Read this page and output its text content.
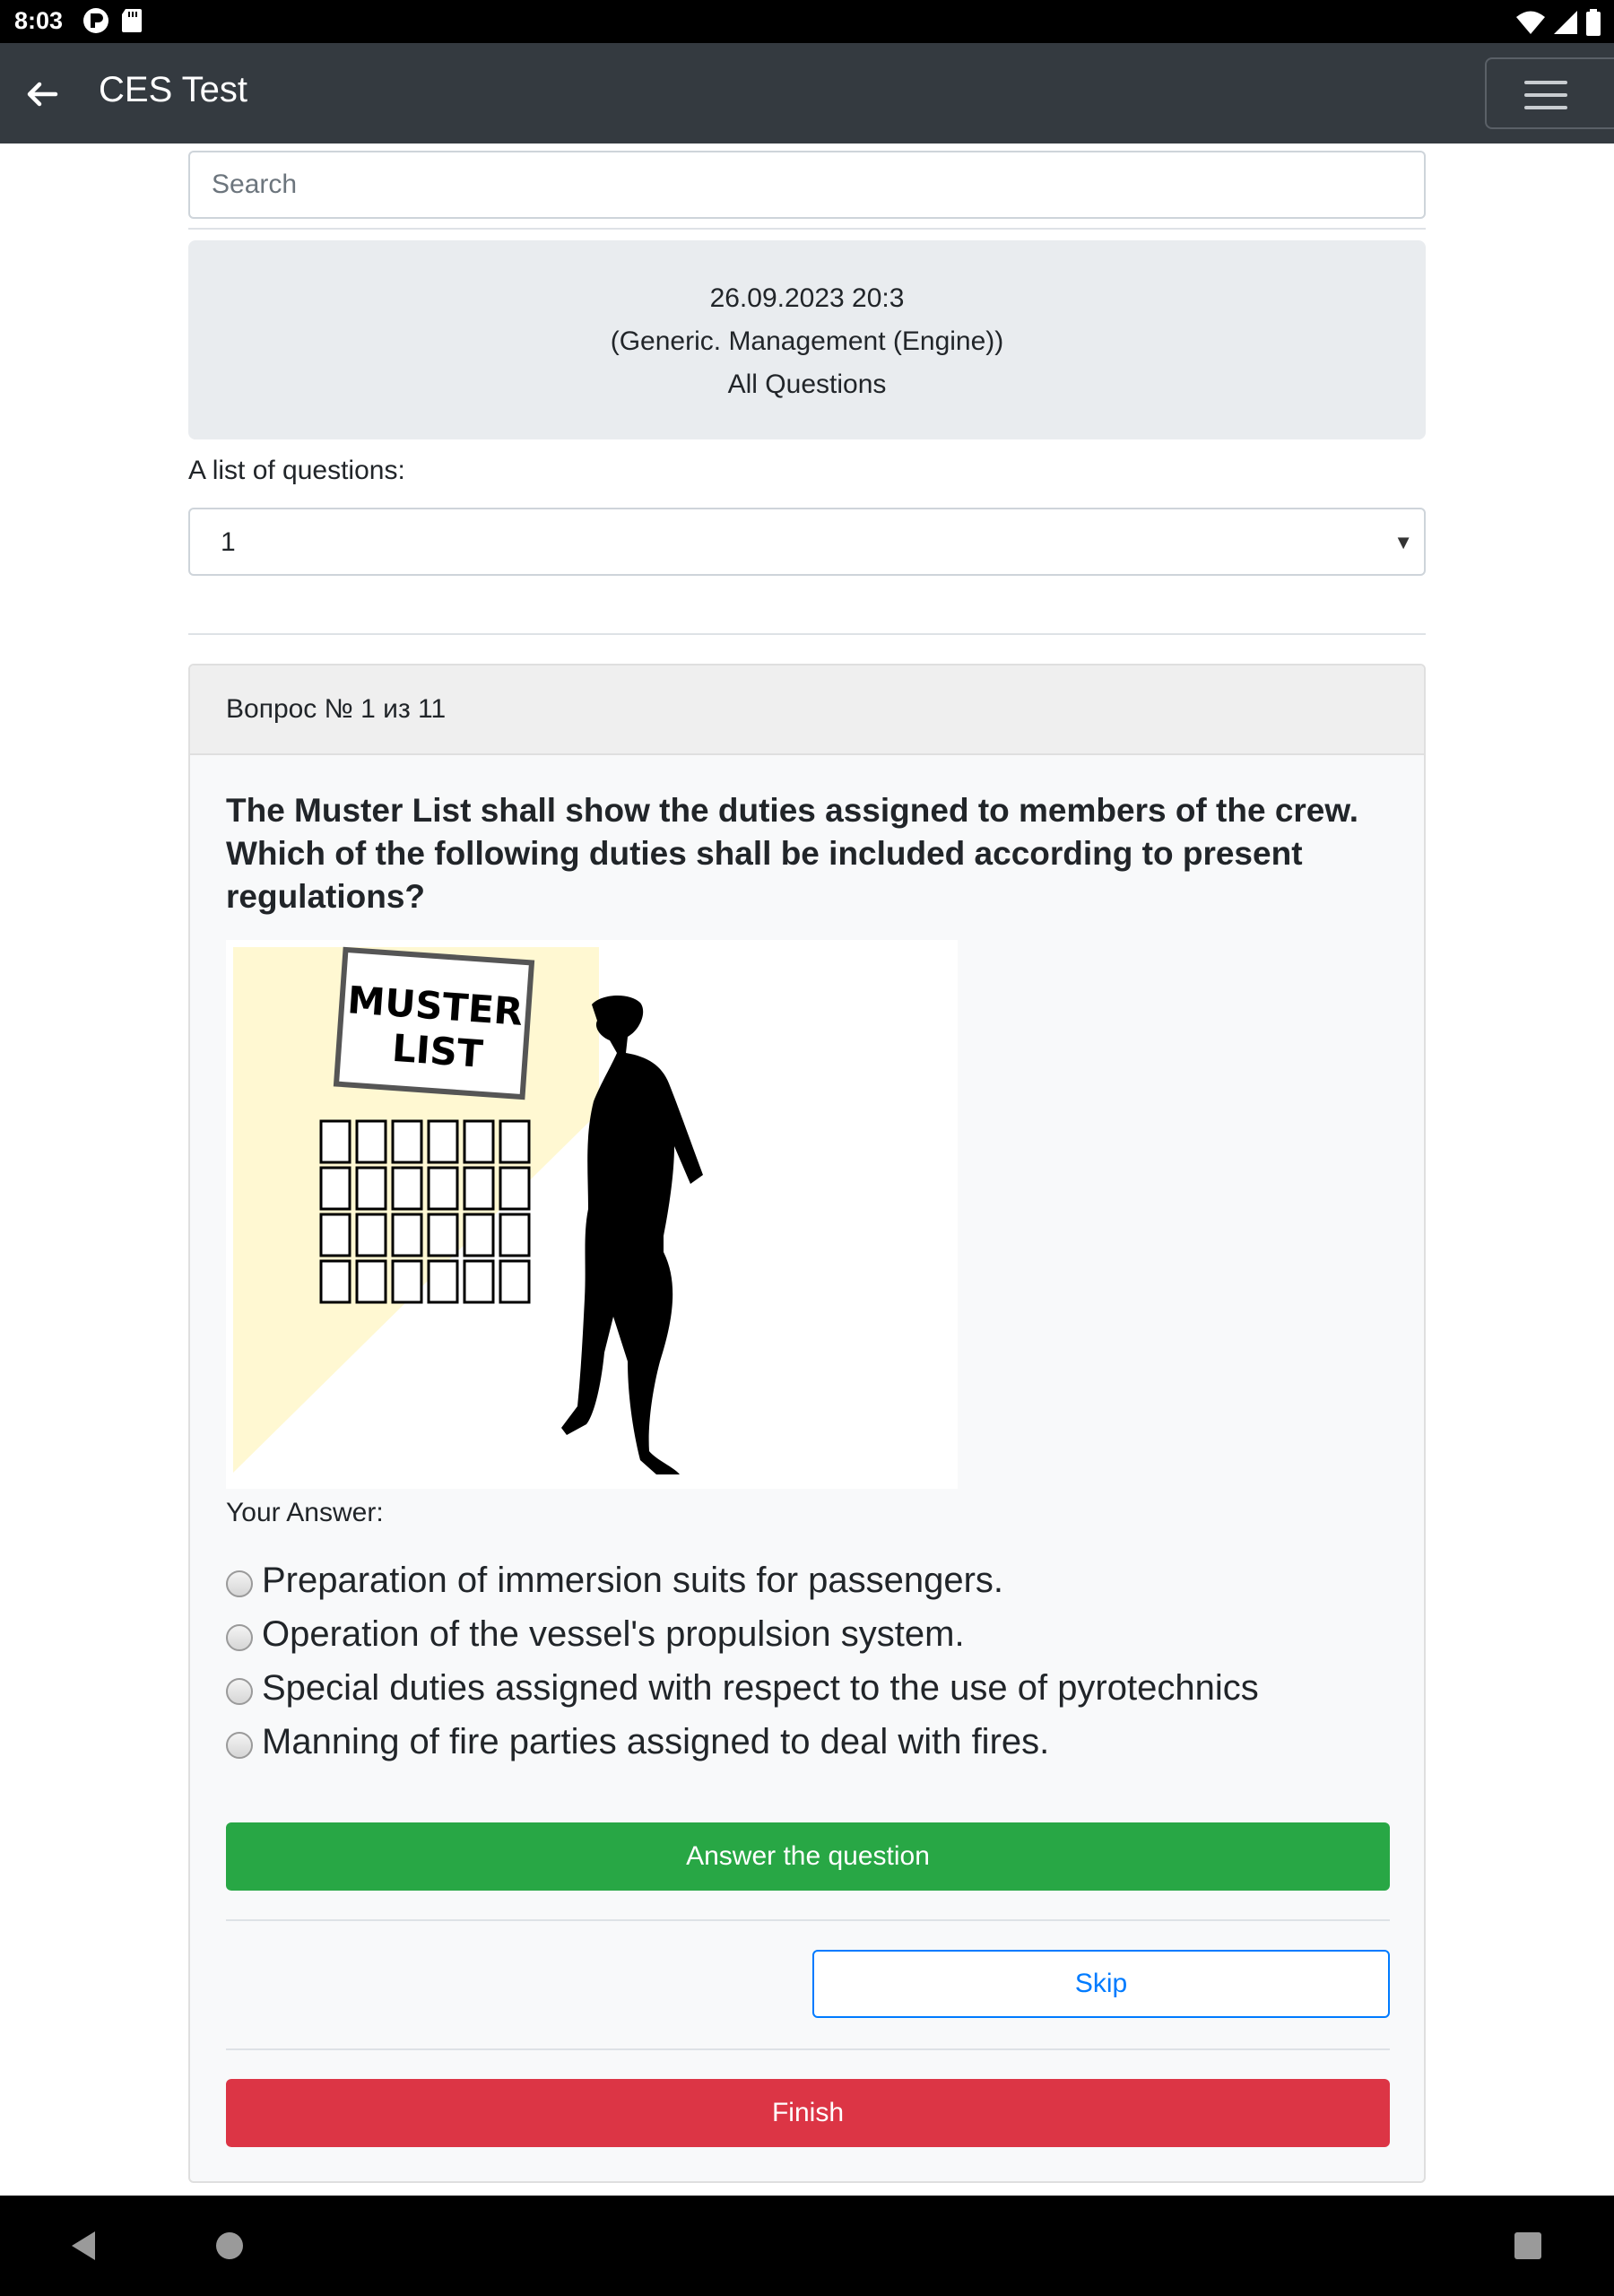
8:03
CES Test
Search
26.09.2023 20:3
(Generic. Management (Engine))
All Questions
A list of questions:
1	▼
Вопрос № 1 из 11
The Muster List shall show the duties assigned to members of the crew. Which of the following duties shall be included according to present regulations?
MUSTER
LIST
Your Answer:
Preparation of immersion suits for passengers.
Operation of the vessel's propulsion system.
Special duties assigned with respect to the use of pyrotechnics
Manning of fire parties assigned to deal with fires.
Answer the question
Skip
Finish
